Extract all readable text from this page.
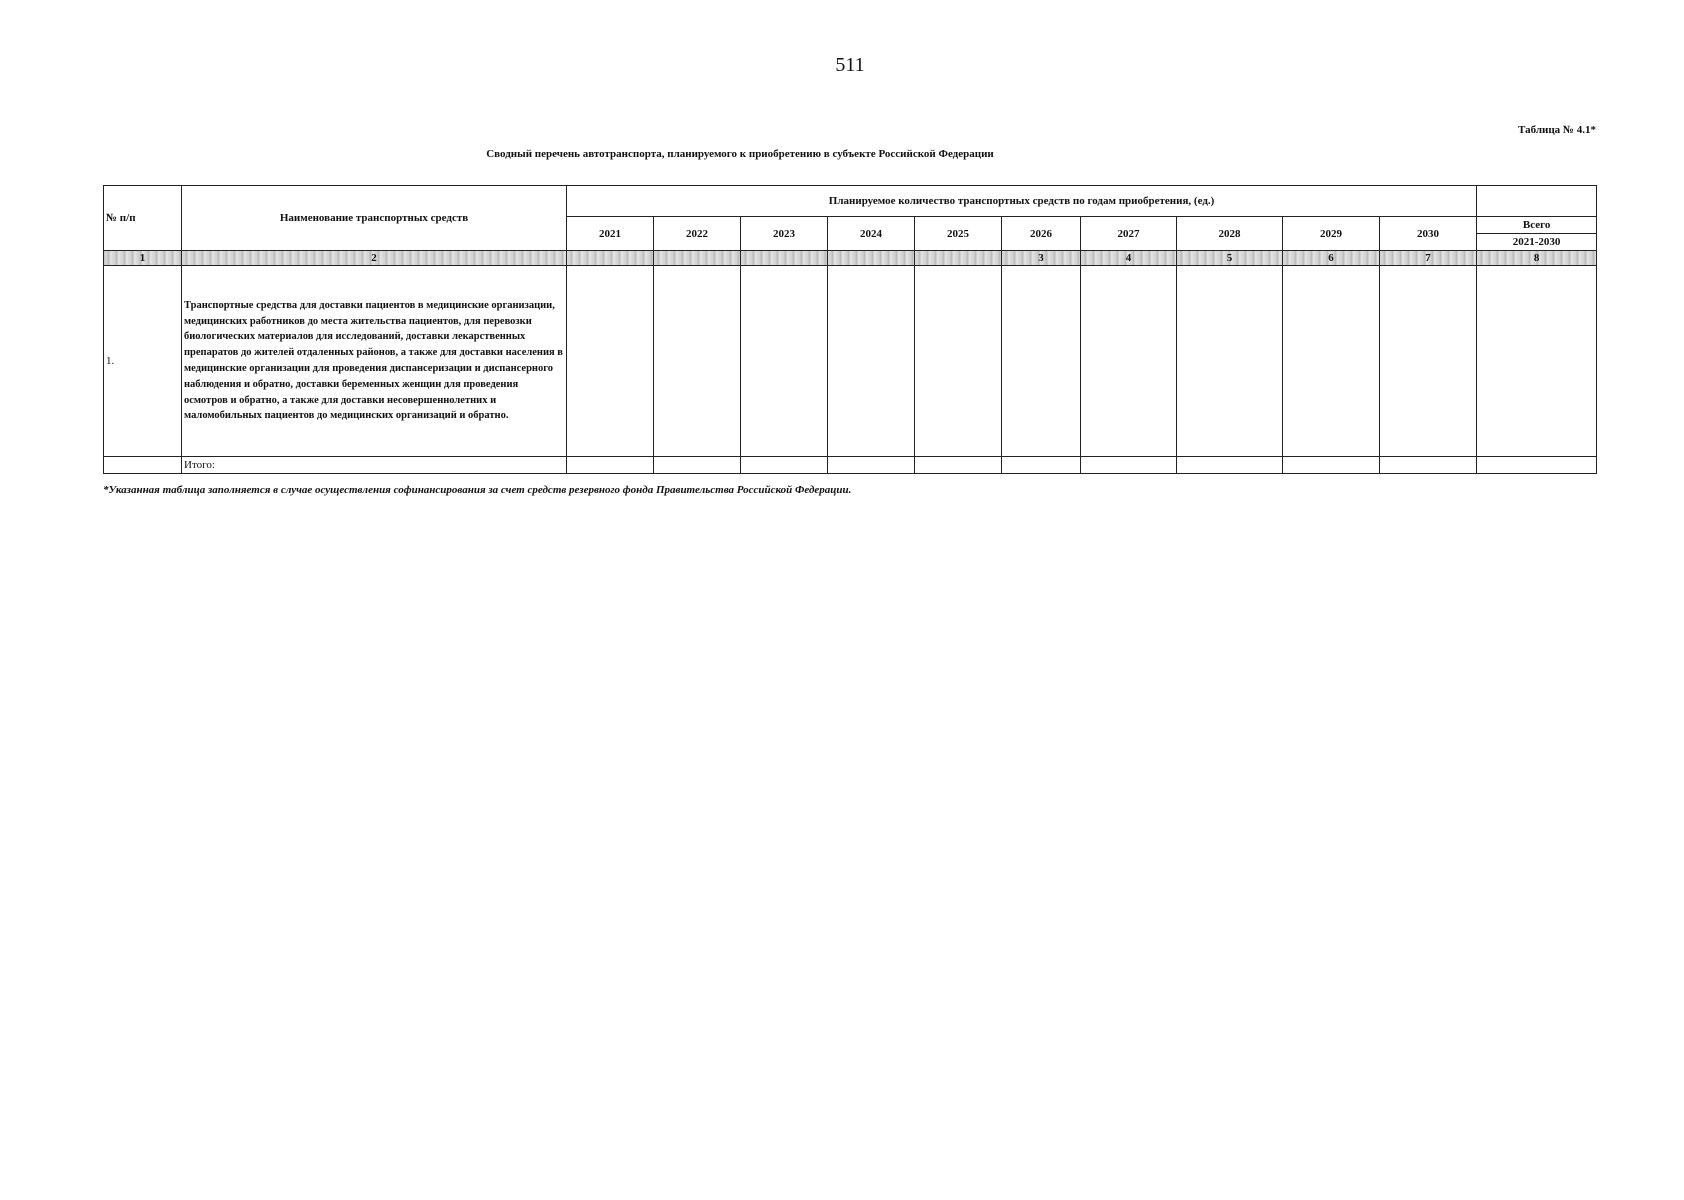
511
Таблица № 4.1*
Сводный перечень автотранспорта, планируемого к приобретению в субъекте Российской Федерации
№ п/п	Наименование транспортных средств	Планируемое количество транспортных средств по годам приобретения, (ед.)										
		2021	2022	2023	2024	2025	2026	2027	2028	2029	2030	Всего
2021-2030

1	2						3	4	5	6	7	8
1.	Транспортные средства для доставки пациентов в медицинские организации, медицинских работников до места жительства пациентов, для перевозки биологических материалов для исследований, доставки лекарственных препаратов до жителей отдаленных районов, а также для доставки населения в медицинские организации для проведения диспансеризации и диспансерного наблюдения и обратно, доставки беременных женщин для проведения осмотров и обратно, а также для доставки несовершеннолетних и маломобильных пациентов до медицинских организаций и обратно.											
	Итого:											
*Указанная таблица заполняется в случае осуществления софинансирования за счет средств резервного фонда Правительства Российской Федерации.
